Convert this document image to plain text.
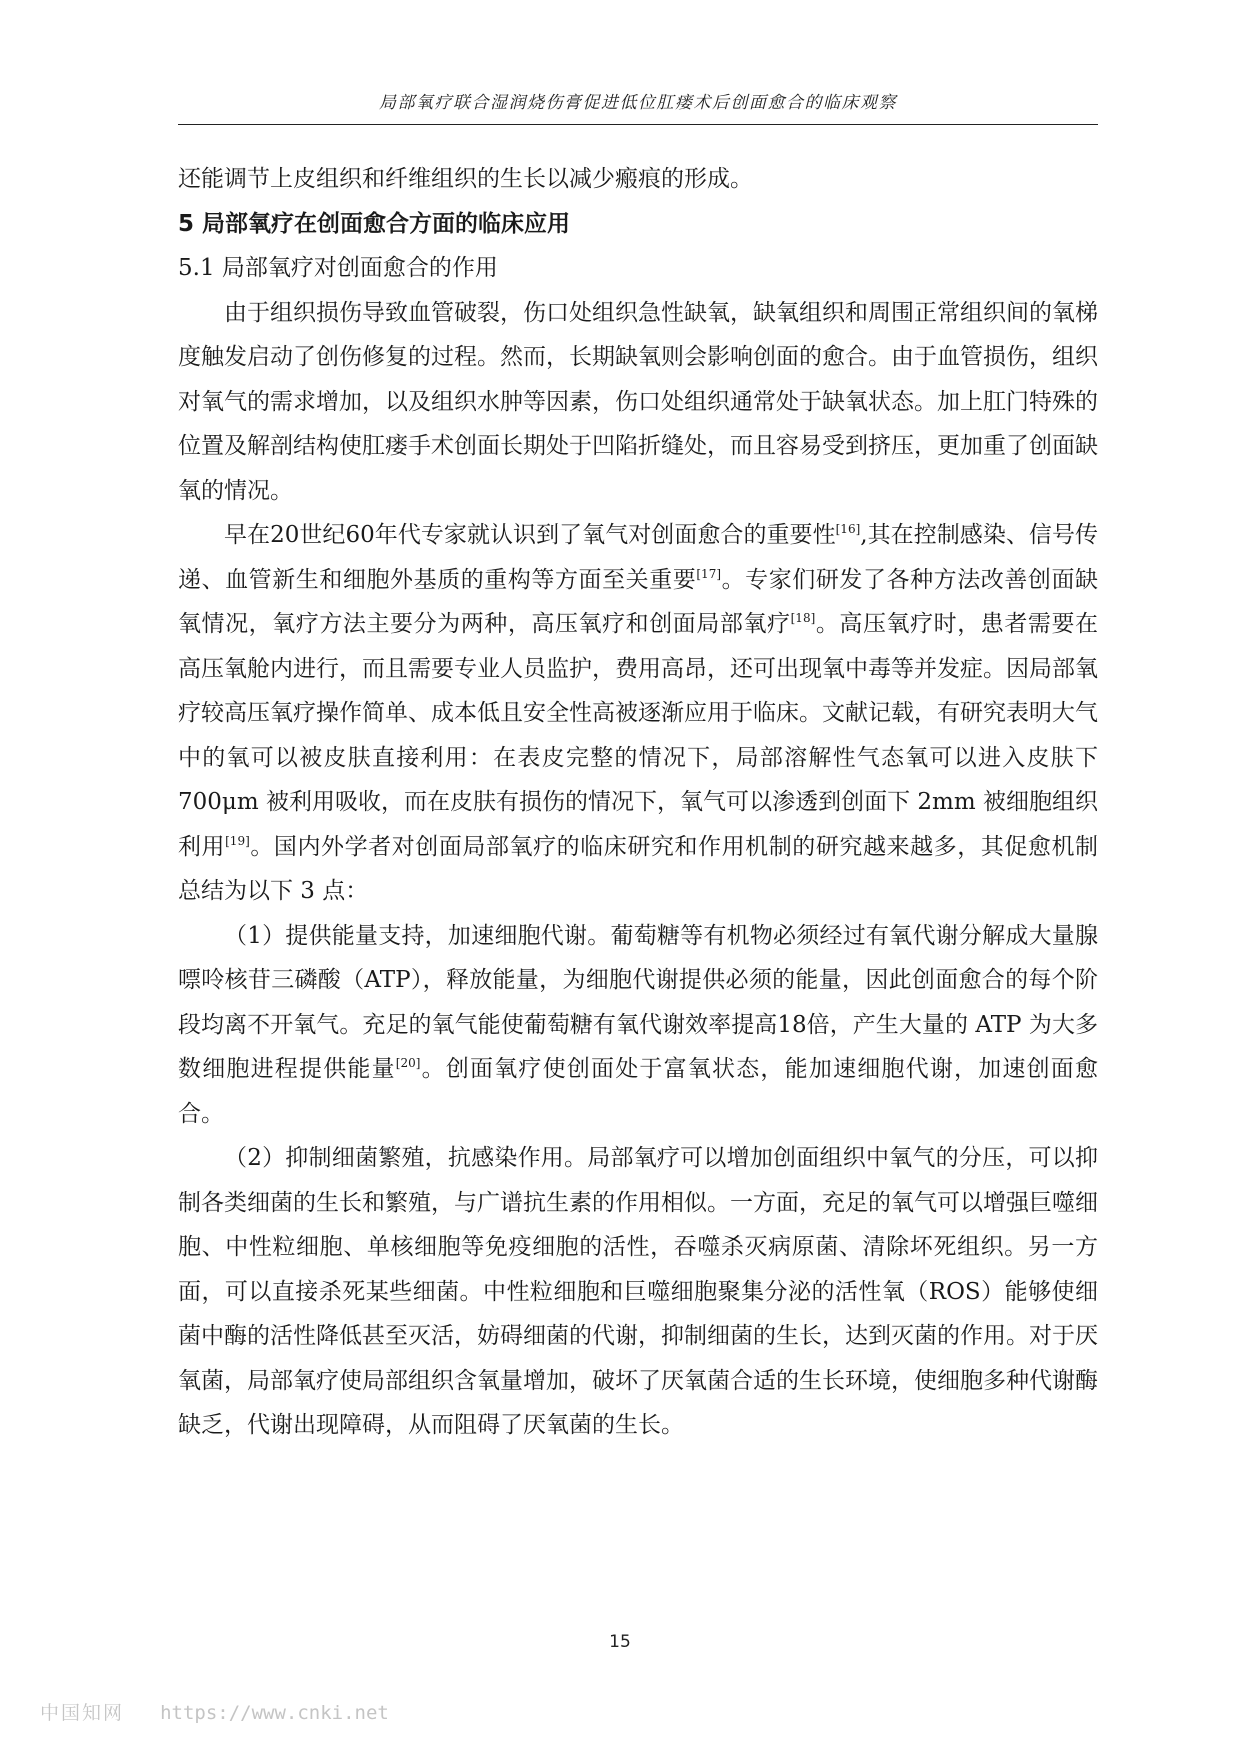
局部氧疗联合湿润烧伤膏促进低位肛瘘术后创面愈合的临床观察

还能调节上皮组织和纤维组织的生长以减少瘢痕的形成。

5 局部氧疗在创面愈合方面的临床应用
5.1 局部氧疗对创面愈合的作用

由于组织损伤导致血管破裂，伤口处组织急性缺氧，缺氧组织和周围正常组织间的氧梯度触发启动了创伤修复的过程。然而，长期缺氧则会影响创面的愈合。由于血管损伤，组织对氧气的需求增加，以及组织水肿等因素，伤口处组织通常处于缺氧状态。加上肛门特殊的位置及解剖结构使肛瘘手术创面长期处于凹陷折缝处，而且容易受到挤压，更加重了创面缺氧的情况。

早在20世纪60年代专家就认识到了氧气对创面愈合的重要性[16],其在控制感染、信号传递、血管新生和细胞外基质的重构等方面至关重要[17]。专家们研发了各种方法改善创面缺氧情况，氧疗方法主要分为两种，高压氧疗和创面局部氧疗[18]。高压氧疗时，患者需要在高压氧舱内进行，而且需要专业人员监护，费用高昂，还可出现氧中毒等并发症。因局部氧疗较高压氧疗操作简单、成本低且安全性高被逐渐应用于临床。文献记载，有研究表明大气中的氧可以被皮肤直接利用：在表皮完整的情况下，局部溶解性气态氧可以进入皮肤下 700μm 被利用吸收，而在皮肤有损伤的情况下，氧气可以渗透到创面下 2mm 被细胞组织利用[19]。国内外学者对创面局部氧疗的临床研究和作用机制的研究越来越多，其促愈机制总结为以下 3 点：

（1）提供能量支持，加速细胞代谢。葡萄糖等有机物必须经过有氧代谢分解成大量腺嘌呤核苷三磷酸（ATP），释放能量，为细胞代谢提供必须的能量，因此创面愈合的每个阶段均离不开氧气。充足的氧气能使葡萄糖有氧代谢效率提高18倍，产生大量的 ATP 为大多数细胞进程提供能量[20]。创面氧疗使创面处于富氧状态，能加速细胞代谢，加速创面愈合。

（2）抑制细菌繁殖，抗感染作用。局部氧疗可以增加创面组织中氧气的分压，可以抑制各类细菌的生长和繁殖，与广谱抗生素的作用相似。一方面，充足的氧气可以增强巨噬细胞、中性粒细胞、单核细胞等免疫细胞的活性，吞噬杀灭病原菌、清除坏死组织。另一方面，可以直接杀死某些细菌。中性粒细胞和巨噬细胞聚集分泌的活性氧（ROS）能够使细菌中酶的活性降低甚至灭活，妨碍细菌的代谢，抑制细菌的生长，达到灭菌的作用。对于厌氧菌，局部氧疗使局部组织含氧量增加，破坏了厌氧菌合适的生长环境，使细胞多种代谢酶缺乏，代谢出现障碍，从而阻碍了厌氧菌的生长。

15
中国知网 https://www.cnki.net
